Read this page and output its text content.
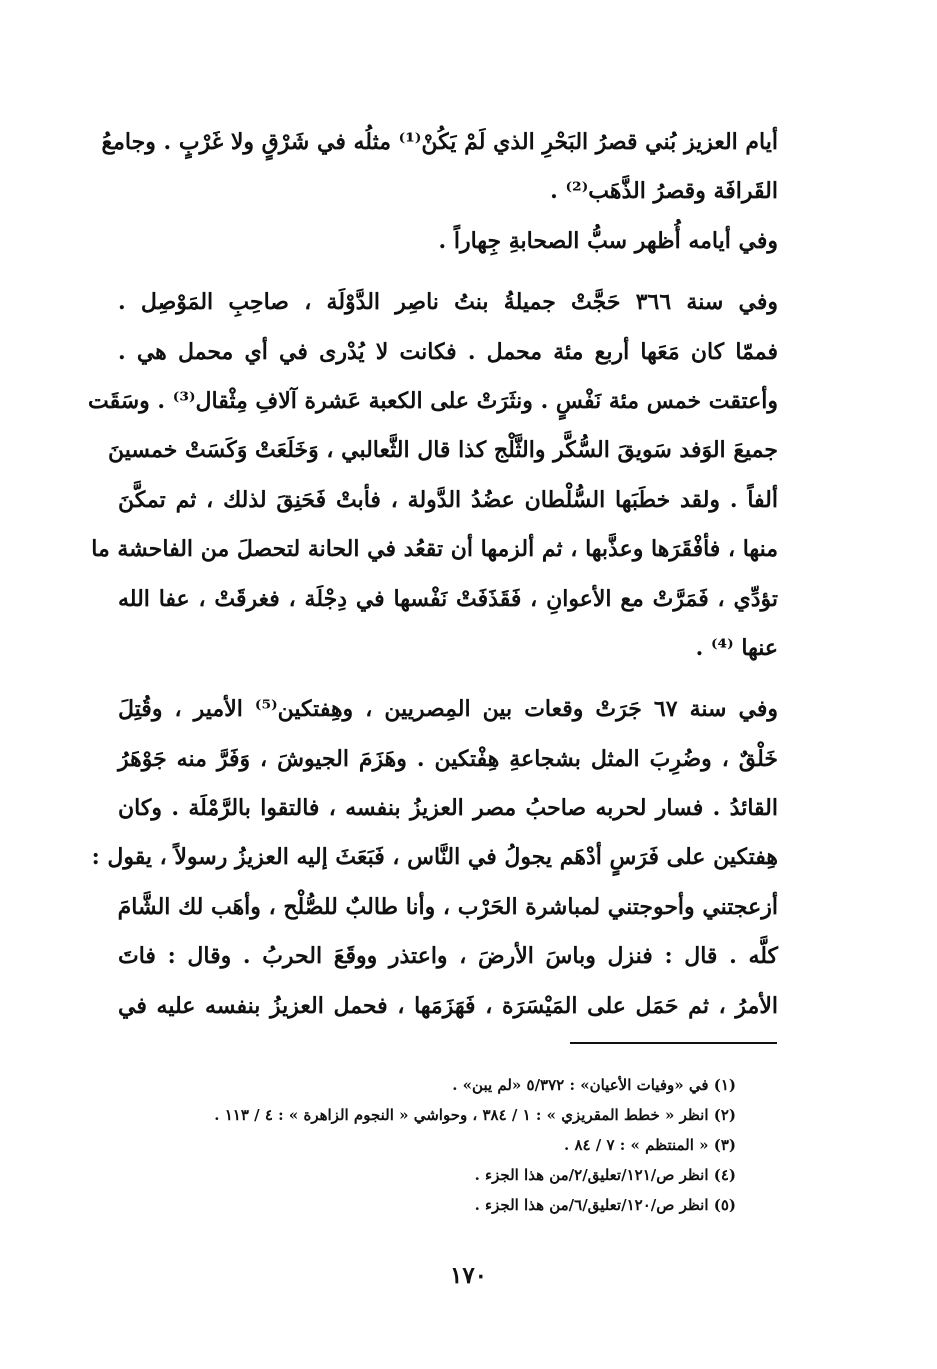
أيام العزيز بُني قصرُ البَحْرِ الذي لَمْ يَكُنْ⁽¹⁾ مثلُه في شَرْقٍ ولا غَرْبٍ . وجامعُ
القَرافَة وقصرُ الذَّهَب⁽²⁾ .

وفي أيامه أُظهر سبُّ الصحابةِ جِهاراً .

وفي سنة ٣٦٦ حَجَّتْ جميلةُ بنتُ ناصِر الدَّوْلَة ، صاحِبِ المَوْصِل .
فممّا كان مَعَها أربع مئة محمل . فكانت لا يُدْرى في أي محمل هي .
وأعتقت خمس مئة نَفْسٍ . ونثَرَتْ على الكعبة عَشرة آلافِ مِثْقال⁽³⁾ . وسَقَت
جميعَ الوَفد سَويقَ السُّكَّر والثَّلْج كذا قال الثَّعالبي ، وَخَلَعَتْ وَكَسَتْ خمسينَ
ألفاً . ولقد خطَبَها السُّلْطان عضُدُ الدَّولة ، فأبتْ فَحَنِقَ لذلك ، ثم تمكَّنَ
منها ، فأفْقَرَها وعذَّبها ، ثم ألزمها أن تقعُد في الحانة لتحصلَ من الفاحشة ما
تؤدِّي ، فَمَرَّتْ مع الأعوانِ ، فَقَذَفَتْ نَفْسها في دِجْلَة ، فغرقَتْ ، عفا الله
عنها ⁽⁴⁾ .

وفي سنة ٦٧ جَرَتْ وقعات بين المِصريين ، وهِفتكين⁽⁵⁾ الأمير ، وقُتِلَ
خَلْقٌ ، وضُرِبَ المثل بشجاعةِ هِفْتكين . وهَزَمَ الجيوشَ ، وَفَرَّ منه جَوْهَرُ
القائدُ . فسار لحربه صاحبُ مصر العزيزُ بنفسه ، فالتقوا بالرَّمْلَة . وكان
هِفتكين على فَرَسٍ أدْهَم يجولُ في النَّاس ، فَبَعَثَ إليه العزيزُ رسولاً ، يقول :
أزعجتني وأحوجتني لمباشرة الحَرْب ، وأنا طالبٌ للصُّلْح ، وأهَب لك الشَّامَ
كلَّه . قال : فنزل وباسَ الأرضَ ، واعتذر ووقَعَ الحربُ . وقال : فاتَ
الأمرُ ، ثم حَمَل على المَيْسَرَة ، فَهَزَمَها ، فحمل العزيزُ بنفسه عليه في

(١) في «وفيات الأعيان» : ٥/٣٧٢ «لم يبن» .
(٢) انظر « خطط المقريزي » : ١ / ٣٨٤ ، وحواشي « النجوم الزاهرة » : ٤ / ١١٣ .
(٣) « المنتظم » : ٧ / ٨٤ .
(٤) انظر ص/١٢١/تعليق/٢/من هذا الجزء .
(٥) انظر ص/١٢٠/تعليق/٦/من هذا الجزء .
١٧٠
